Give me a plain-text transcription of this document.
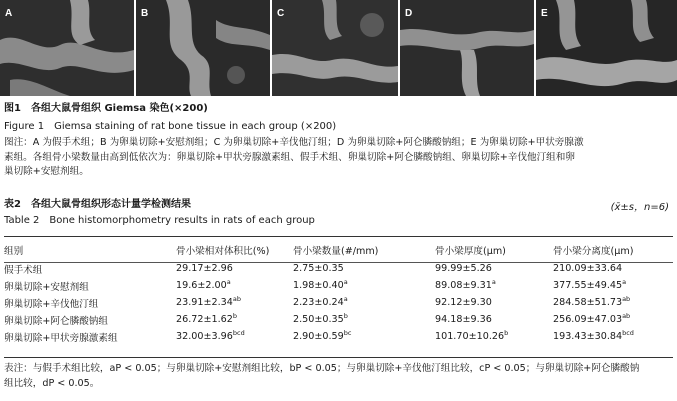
A	B	C	D	E
图1　各组大鼠骨组织 Giemsa 染色(×200)
Figure 1　Giemsa staining of rat bone tissue in each group (×200)
图注：A 为假手术组；B 为卵巢切除+安慰剂组；C 为卵巢切除+辛伐他汀组；D 为卵巢切除+阿仑膦酸钠组；E 为卵巢切除+甲状旁腺激
素组。各组骨小梁数量由高到低依次为：卵巢切除+甲状旁腺激素组、假手术组、卵巢切除+阿仑膦酸钠组、卵巢切除+辛伐他汀组和卵
巢切除+安慰剂组。
表2　各组大鼠骨组织形态计量学检测结果
Table 2　Bone histomorphometry results in rats of each group
(x̄±s，n=6)
组别	骨小梁相对体积比(%)	骨小梁数量(#/mm)	骨小梁厚度(μm)	骨小梁分离度(μm)
假手术组	29.17±2.96	2.75±0.35	99.99±5.26	210.09±33.64
卵巢切除+安慰剂组	19.6±2.00$^a$	1.98±0.40$^a$	89.08±9.31$^a$	377.55±49.45$^a$
卵巢切除+辛伐他汀组	23.91±2.34$^{ab}$	2.23±0.24$^a$	92.12±9.30	284.58±51.73$^{ab}$
卵巢切除+阿仑膦酸钠组	26.72±1.62$^b$	2.50±0.35$^b$	94.18±9.36	256.09±47.03$^{ab}$
卵巢切除+甲状旁腺激素组	32.00±3.96$^{bcd}$	2.90±0.59$^{bc}$	101.70±10.26$^b$	193.43±30.84$^{bcd}$
表注：与假手术组比较，aP < 0.05；与卵巢切除+安慰剂组比较，bP < 0.05；与卵巢切除+辛伐他汀组比较，cP < 0.05；与卵巢切除+阿仑膦酸钠
组比较，dP < 0.05。
